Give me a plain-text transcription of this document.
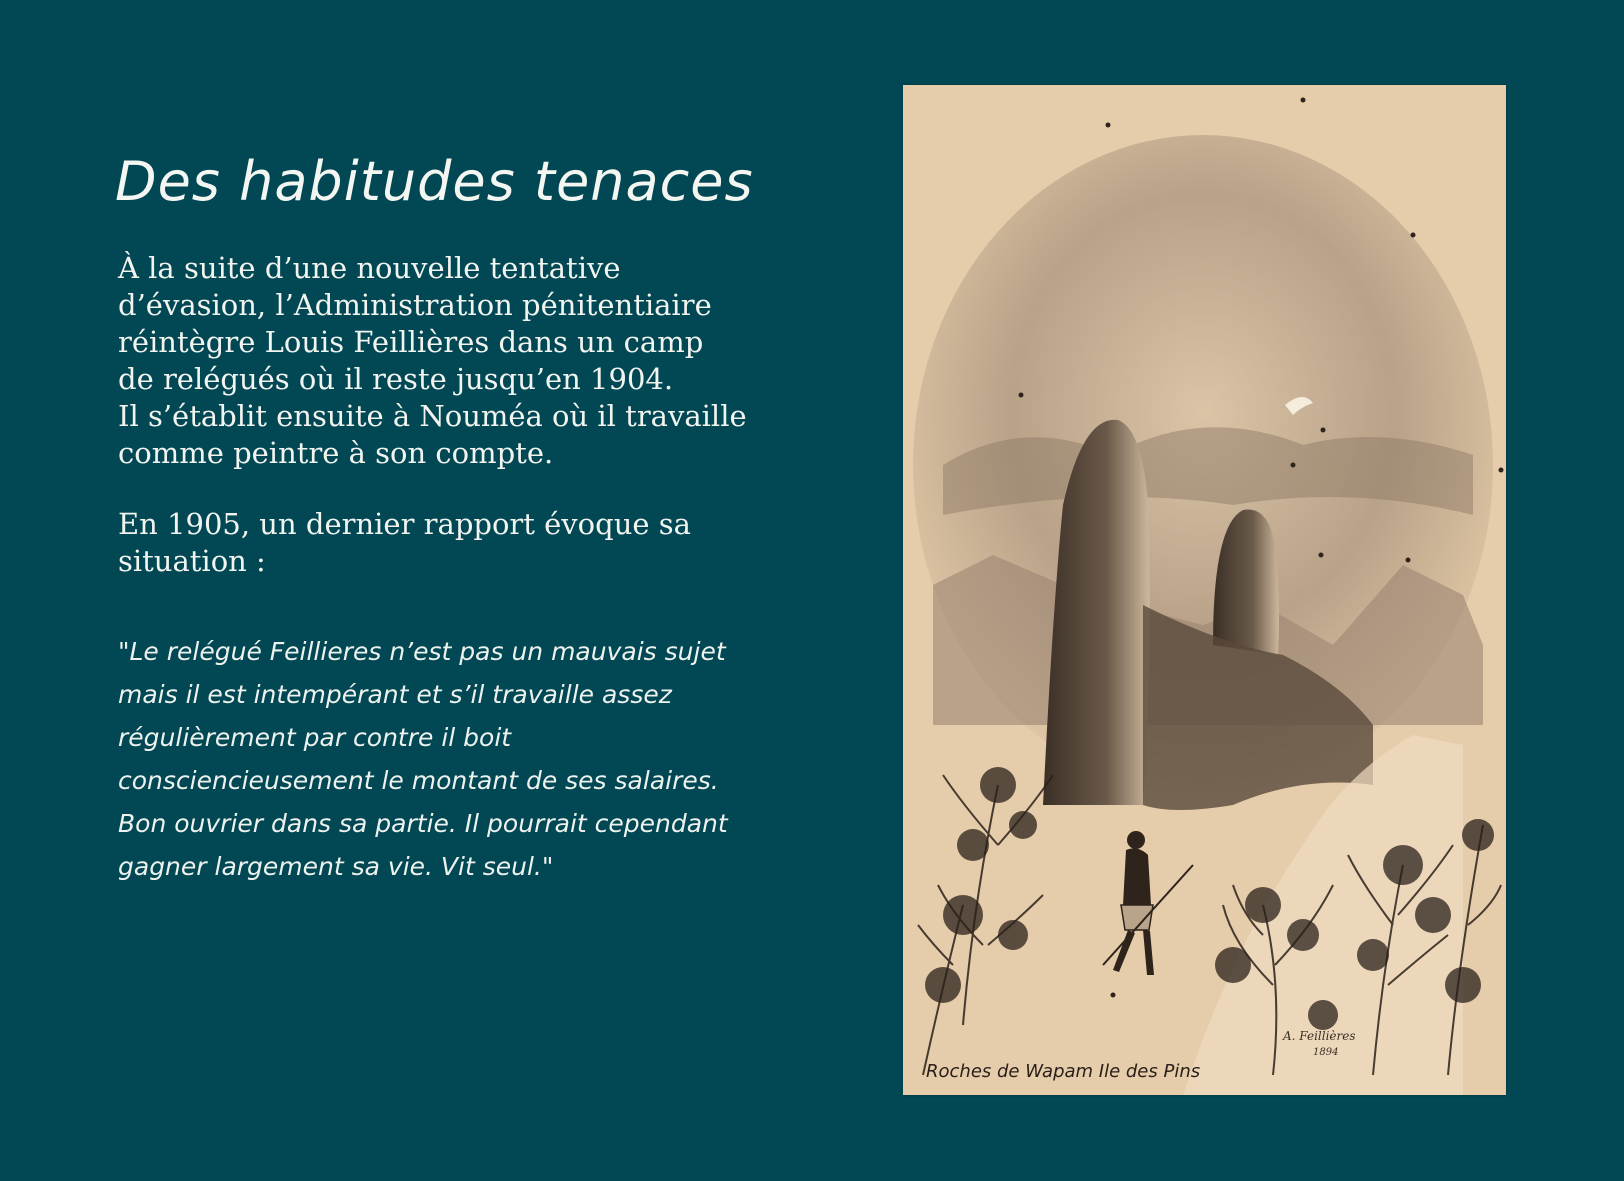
Des habitudes tenaces

À la suite d’une nouvelle tentative
d’évasion, l’Administration pénitentiaire
réintègre Louis Feillières dans un camp
de relégués où il reste jusqu’en 1904.
Il s’établit ensuite à Nouméa où il travaille
comme peintre à son compte.

En 1905, un dernier rapport évoque sa
situation :

"Le relégué Feillieres n’est pas un mauvais sujet
mais il est intempérant et s’il travaille assez
régulièrement par contre il boit
consciencieusement le montant de ses salaires.
Bon ouvrier dans sa partie. Il pourrait cependant
gagner largement sa vie. Vit seul."

A. Feillières
1894
Roches de Wapam Ile des Pins
